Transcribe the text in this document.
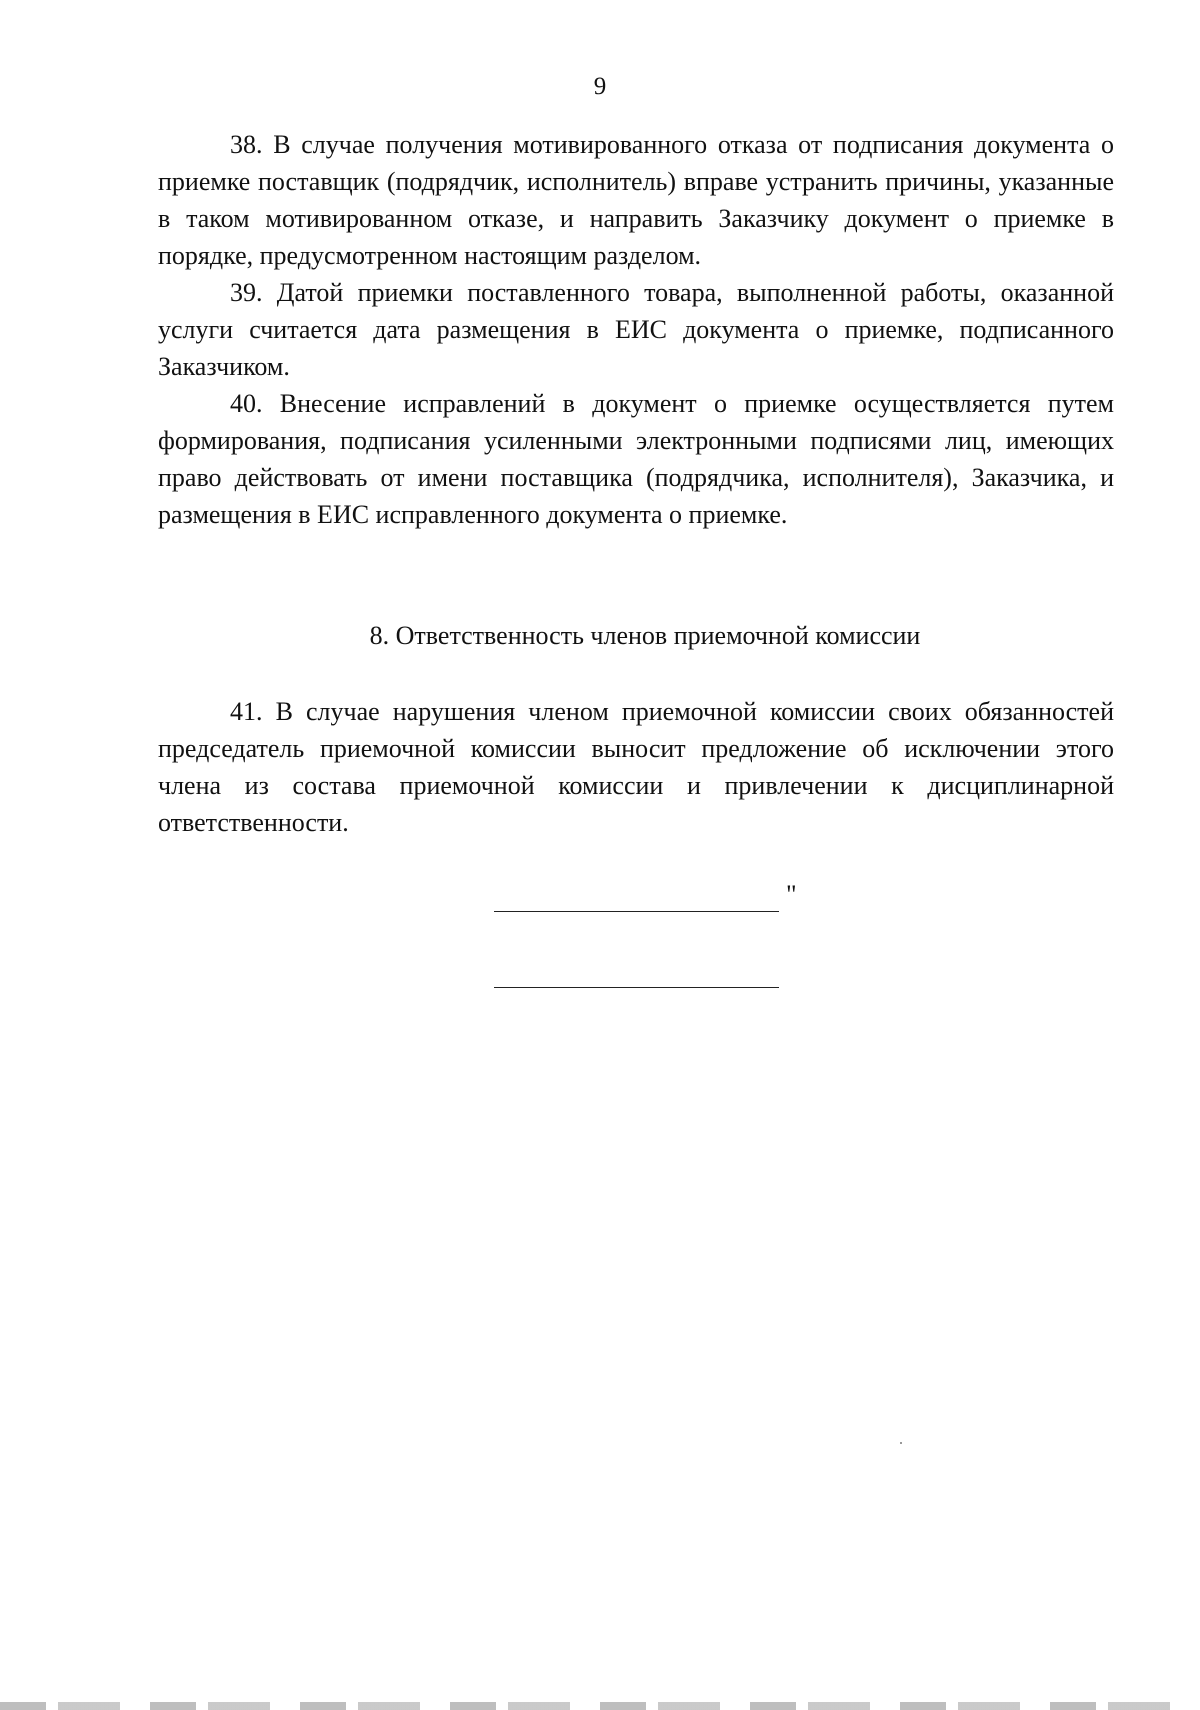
9

38. В случае получения мотивированного отказа от подписания документа о приемке поставщик (подрядчик, исполнитель) вправе устранить причины, указанные в таком мотивированном отказе, и направить Заказчику документ о приемке в порядке, предусмотренном настоящим разделом.

39. Датой приемки поставленного товара, выполненной работы, оказанной услуги считается дата размещения в ЕИС документа о приемке, подписанного Заказчиком.

40. Внесение исправлений в документ о приемке осуществляется путем формирования, подписания усиленными электронными подписями лиц, имеющих право действовать от имени поставщика (подрядчика, исполнителя), Заказчика, и размещения в ЕИС исправленного документа о приемке.

8. Ответственность членов приемочной комиссии

41. В случае нарушения членом приемочной комиссии своих обязанностей председатель приемочной комиссии выносит предложение об исключении этого члена из состава приемочной комиссии и привлечении к дисциплинарной ответственности.

"
